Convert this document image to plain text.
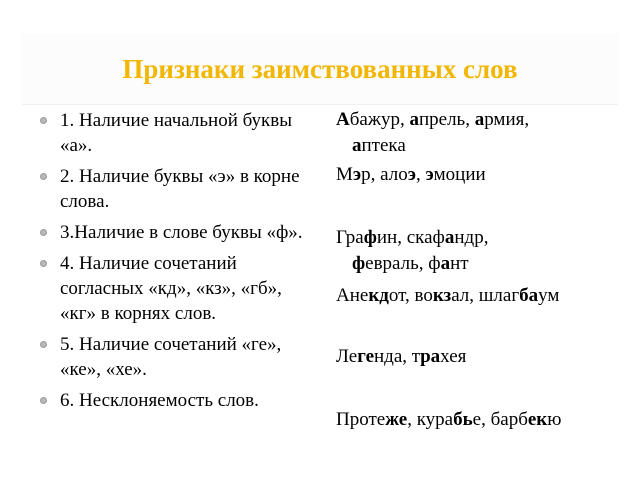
Признаки заимствованных слов
1. Наличие начальной буквы «а».
2. Наличие буквы «э» в корне слова.
3.Наличие в слове буквы «ф».
4. Наличие сочетаний согласных «кд», «кз», «гб», «кг» в корнях слов.
5. Наличие сочетаний «ге», «ке», «хе».
6. Несклоняемость слов.
Абажур, апрель, армия,
аптека
Мэр, алоэ, эмоции
Графин, скафандр,
февраль, фант
Анекдот, вокзал, шлагбаум
Легенда, трахея
Протеже, курабье, барбекю
